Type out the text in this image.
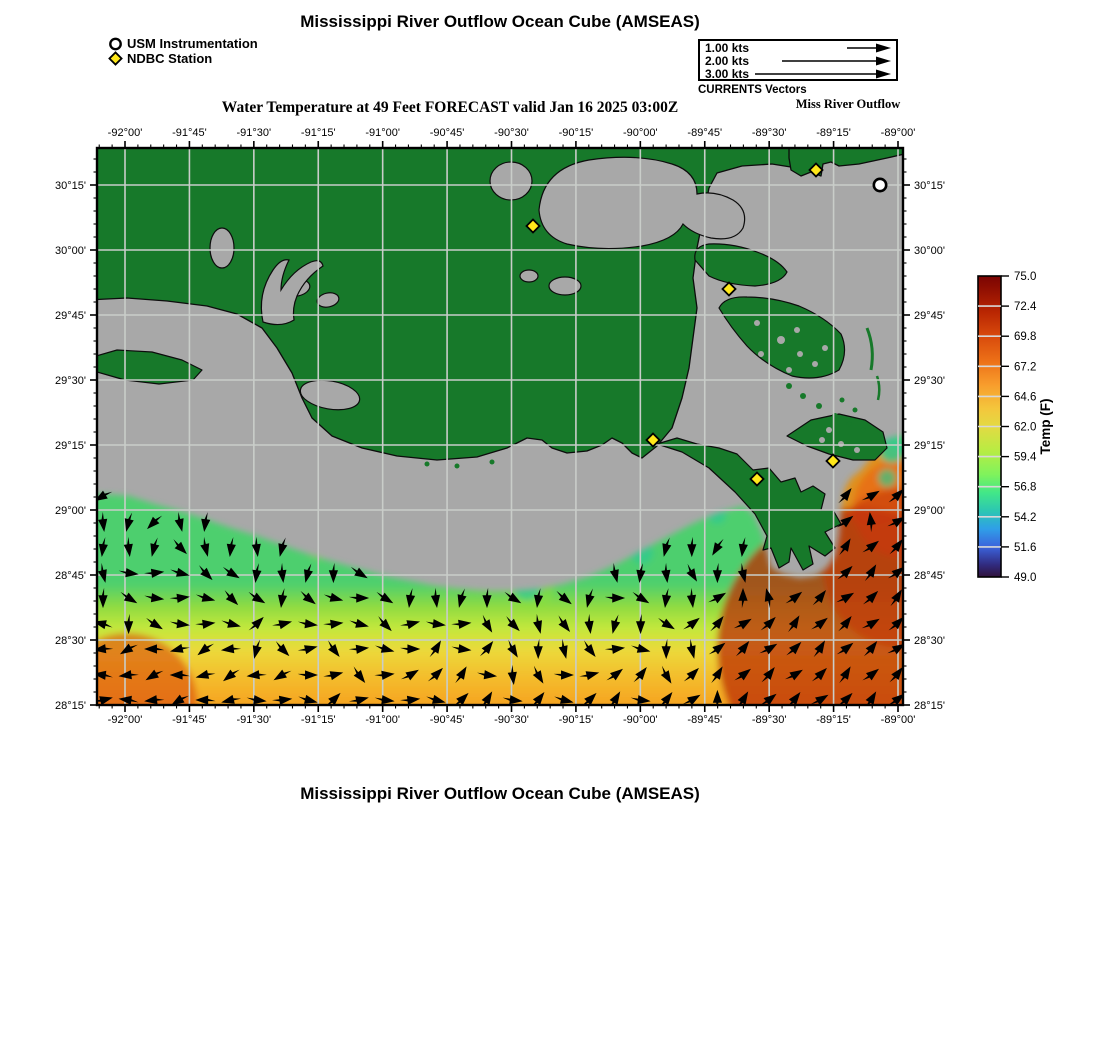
Mississippi River Outflow Ocean Cube (AMSEAS)
USM Instrumentation
NDBC Station
1.00 kts
2.00 kts
3.00 kts
CURRENTS Vectors
Water Temperature at 49 Feet FORECAST valid Jan 16 2025 03:00Z	Miss River Outflow
-92°00'
-92°00'
-91°45'
-91°45'
-91°30'
-91°30'
-91°15'
-91°15'
-91°00'
-91°00'
-90°45'
-90°45'
-90°30'
-90°30'
-90°15'
-90°15'
-90°00'
-90°00'
-89°45'
-89°45'
-89°30'
-89°30'
-89°15'
-89°15'
-89°00'
-89°00'
30°15'	30°15'
30°00'	30°00'
29°45'	29°45'
29°30'	29°30'
29°15'	29°15'
29°00'	29°00'
28°45'	28°45'
28°30'	28°30'
28°15'	28°15'
75.0
72.4
69.8
67.2
64.6
62.0
59.4
56.8
54.2
51.6
49.0
Temp (F)
Mississippi River Outflow Ocean Cube (AMSEAS)
